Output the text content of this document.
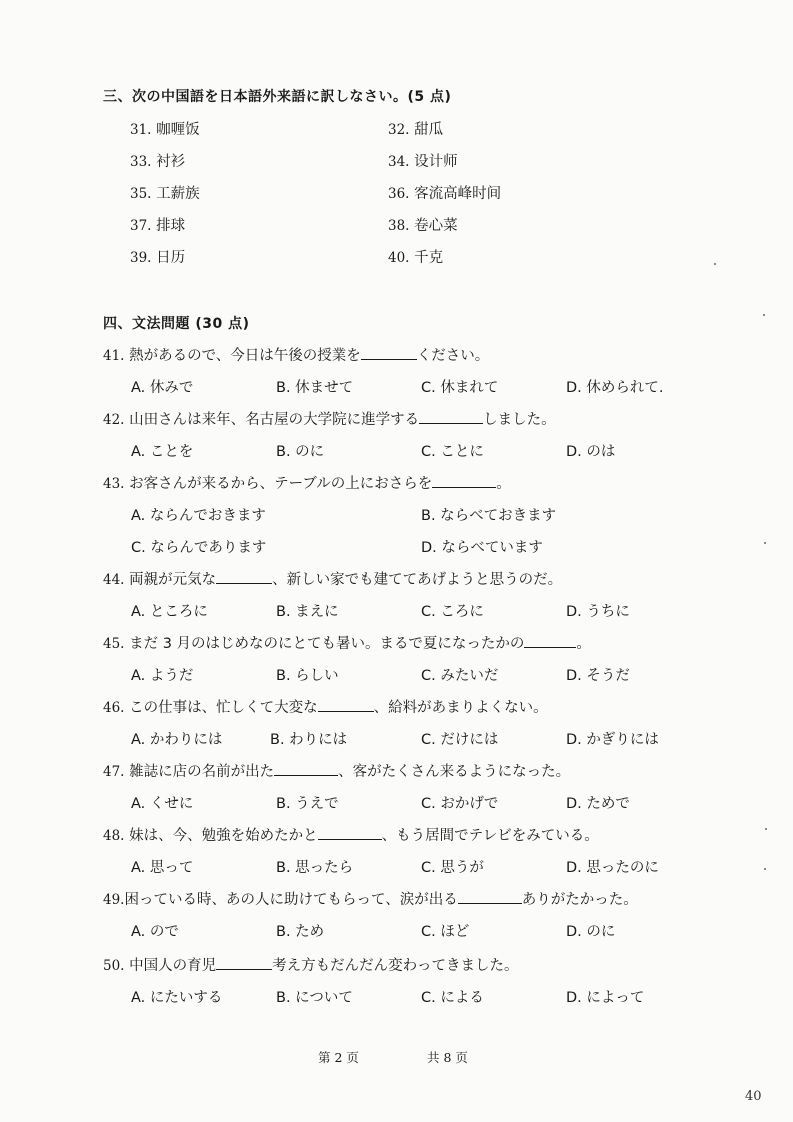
三、次の中国語を日本語外来語に訳しなさい。(5 点)
31. 咖喱饭	32. 甜瓜
33. 衬衫	34. 设计师
35. 工薪族	36. 客流高峰时间
37. 排球	38. 卷心菜
39. 日历	40. 千克
四、文法問題 (30 点)
41. 熱があるので、今日は午後の授業を	ください。
A. 休みで	B. 休ませて	C. 休まれて	D. 休められて.
42. 山田さんは来年、名古屋の大学院に進学する	しました。
A. ことを	B. のに	C. ことに	D. のは
43. お客さんが来るから、テーブルの上におさらを	。
A. ならんでおきます	B. ならべておきます
C. ならんであります	D. ならべています
44. 両親が元気な	、新しい家でも建ててあげようと思うのだ。
A. ところに	B. まえに	C. ころに	D. うちに
45. まだ 3 月のはじめなのにとても暑い。まるで夏になったかの	。
A. ようだ	B. らしい	C. みたいだ	D. そうだ
46. この仕事は、忙しくて大変な	、給料があまりよくない。
A. かわりには	B. わりには	C. だけには	D. かぎりには
47. 雑誌に店の名前が出た	、客がたくさん来るようになった。
A. くせに	B. うえで	C. おかげで	D. ためで
48. 妹は、今、勉強を始めたかと	、もう居間でテレビをみている。
A. 思って	B. 思ったら	C. 思うが	D. 思ったのに
49.困っている時、あの人に助けてもらって、涙が出る	ありがたかった。
A. ので	B. ため	C. ほど	D. のに
50. 中国人の育児	考え方もだんだん変わってきました。
A. にたいする	B. について	C. による	D. によって
第 2 页	共 8 页
40
